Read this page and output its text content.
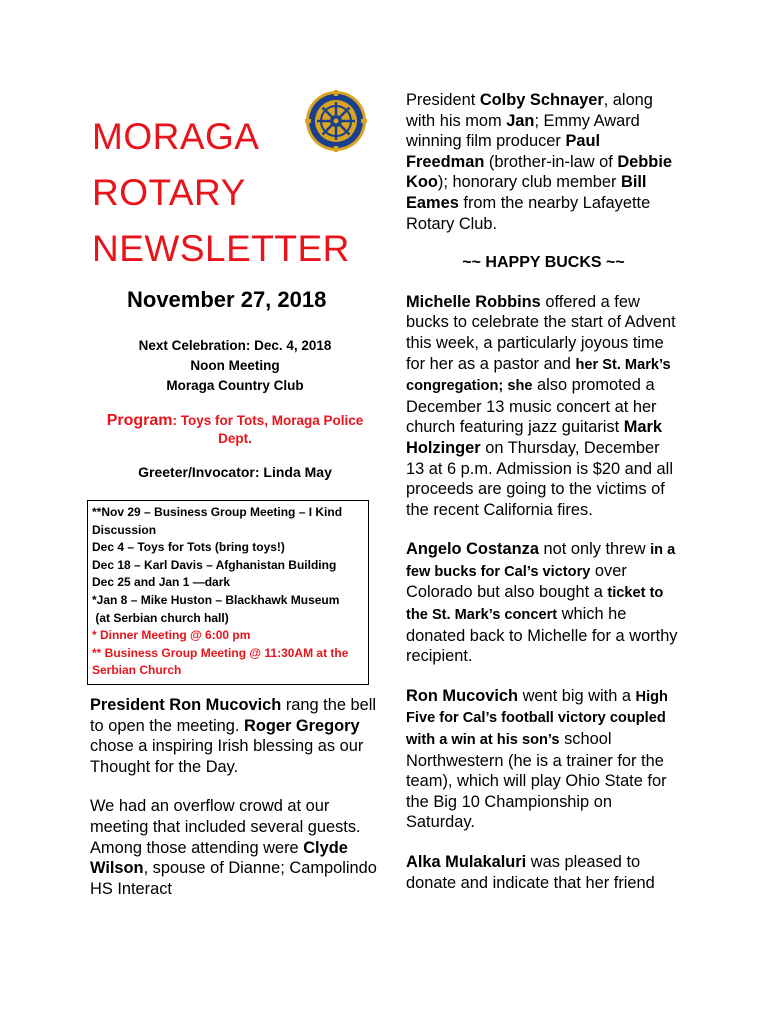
MORAGA
ROTARY
NEWSLETTER
November 27, 2018
Next Celebration: Dec. 4, 2018
Noon Meeting
Moraga Country Club
Program: Toys for Tots, Moraga Police Dept.
Greeter/Invocator: Linda May
**Nov 29 – Business Group Meeting – I Kind Discussion
Dec 4 – Toys for Tots (bring toys!)
Dec 18 – Karl Davis – Afghanistan Building
Dec 25 and Jan 1 —dark
*Jan 8 – Mike Huston – Blackhawk Museum
(at Serbian church hall)
* Dinner Meeting @ 6:00 pm
** Business Group Meeting @ 11:30AM at the Serbian Church

President Ron Mucovich rang the bell to open the meeting. Roger Gregory chose a inspiring Irish blessing as our Thought for the Day.

We had an overflow crowd at our meeting that included several guests. Among those attending were Clyde Wilson, spouse of Dianne; Campolindo HS Interact

President Colby Schnayer, along with his mom Jan; Emmy Award winning film producer Paul Freedman (brother-in-law of Debbie Koo); honorary club member Bill Eames from the nearby Lafayette Rotary Club.

~~ HAPPY BUCKS ~~

Michelle Robbins offered a few bucks to celebrate the start of Advent this week, a particularly joyous time for her as a pastor and her St. Mark’s congregation; she also promoted a December 13 music concert at her church featuring jazz guitarist Mark Holzinger on Thursday, December 13 at 6 p.m. Admission is $20 and all proceeds are going to the victims of the recent California fires.

Angelo Costanza not only threw in a few bucks for Cal’s victory over Colorado but also bought a ticket to the St. Mark’s concert which he donated back to Michelle for a worthy recipient.

Ron Mucovich went big with a High Five for Cal’s football victory coupled with a win at his son’s school Northwestern (he is a trainer for the team), which will play Ohio State for the Big 10 Championship on Saturday.

Alka Mulakaluri was pleased to donate and indicate that her friend
